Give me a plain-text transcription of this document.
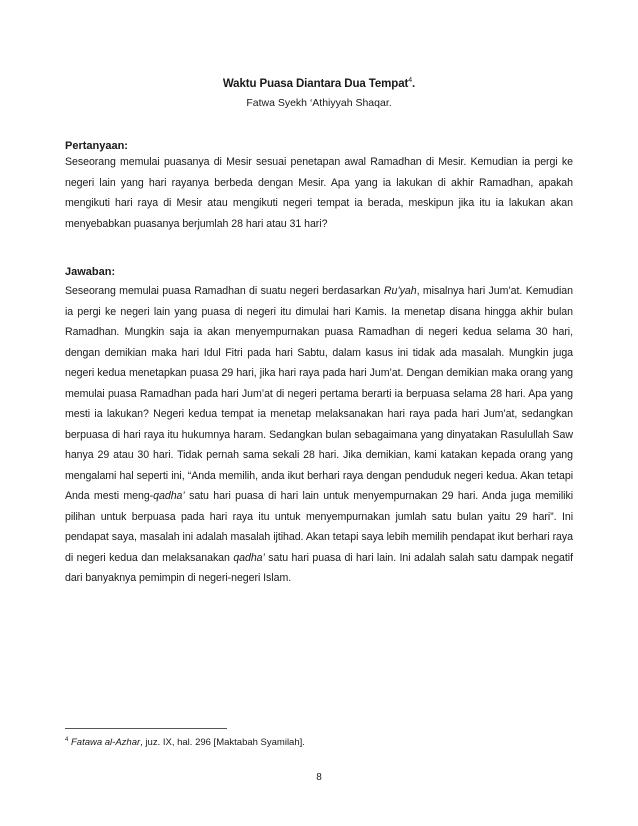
Waktu Puasa Diantara Dua Tempat$^4$.
Fatwa Syekh ‘Athiyyah Shaqar.
Pertanyaan:

Seseorang memulai puasanya di Mesir sesuai penetapan awal Ramadhan di Mesir. Kemudian ia pergi ke negeri lain yang hari rayanya berbeda dengan Mesir. Apa yang ia lakukan di akhir Ramadhan, apakah mengikuti hari raya di Mesir atau mengikuti negeri tempat ia berada, meskipun jika itu ia lakukan akan menyebabkan puasanya berjumlah 28 hari atau 31 hari?

Jawaban:

Seseorang memulai puasa Ramadhan di suatu negeri berdasarkan Ru’yah, misalnya hari Jum’at. Kemudian ia pergi ke negeri lain yang puasa di negeri itu dimulai hari Kamis. Ia menetap disana hingga akhir bulan Ramadhan. Mungkin saja ia akan menyempurnakan puasa Ramadhan di negeri kedua selama 30 hari, dengan demikian maka hari Idul Fitri pada hari Sabtu, dalam kasus ini tidak ada masalah. Mungkin juga negeri kedua menetapkan puasa 29 hari, jika hari raya pada hari Jum’at. Dengan demikian maka orang yang memulai puasa Ramadhan pada hari Jum’at di negeri pertama berarti ia berpuasa selama 28 hari. Apa yang mesti ia lakukan? Negeri kedua tempat ia menetap melaksanakan hari raya pada hari Jum’at, sedangkan berpuasa di hari raya itu hukumnya haram. Sedangkan bulan sebagaimana yang dinyatakan Rasulullah Saw hanya 29 atau 30 hari. Tidak pernah sama sekali 28 hari. Jika demikian, kami katakan kepada orang yang mengalami hal seperti ini, “Anda memilih, anda ikut berhari raya dengan penduduk negeri kedua. Akan tetapi Anda mesti meng-qadha’ satu hari puasa di hari lain untuk menyempurnakan 29 hari. Anda juga memiliki pilihan untuk berpuasa pada hari raya itu untuk menyempurnakan jumlah satu bulan yaitu 29 hari”. Ini pendapat saya, masalah ini adalah masalah ijtihad. Akan tetapi saya lebih memilih pendapat ikut berhari raya di negeri kedua dan melaksanakan qadha’ satu hari puasa di hari lain. Ini adalah salah satu dampak negatif dari banyaknya pemimpin di negeri-negeri Islam.

$^4$ Fatawa al-Azhar, juz. IX, hal. 296 [Maktabah Syamilah].
8
